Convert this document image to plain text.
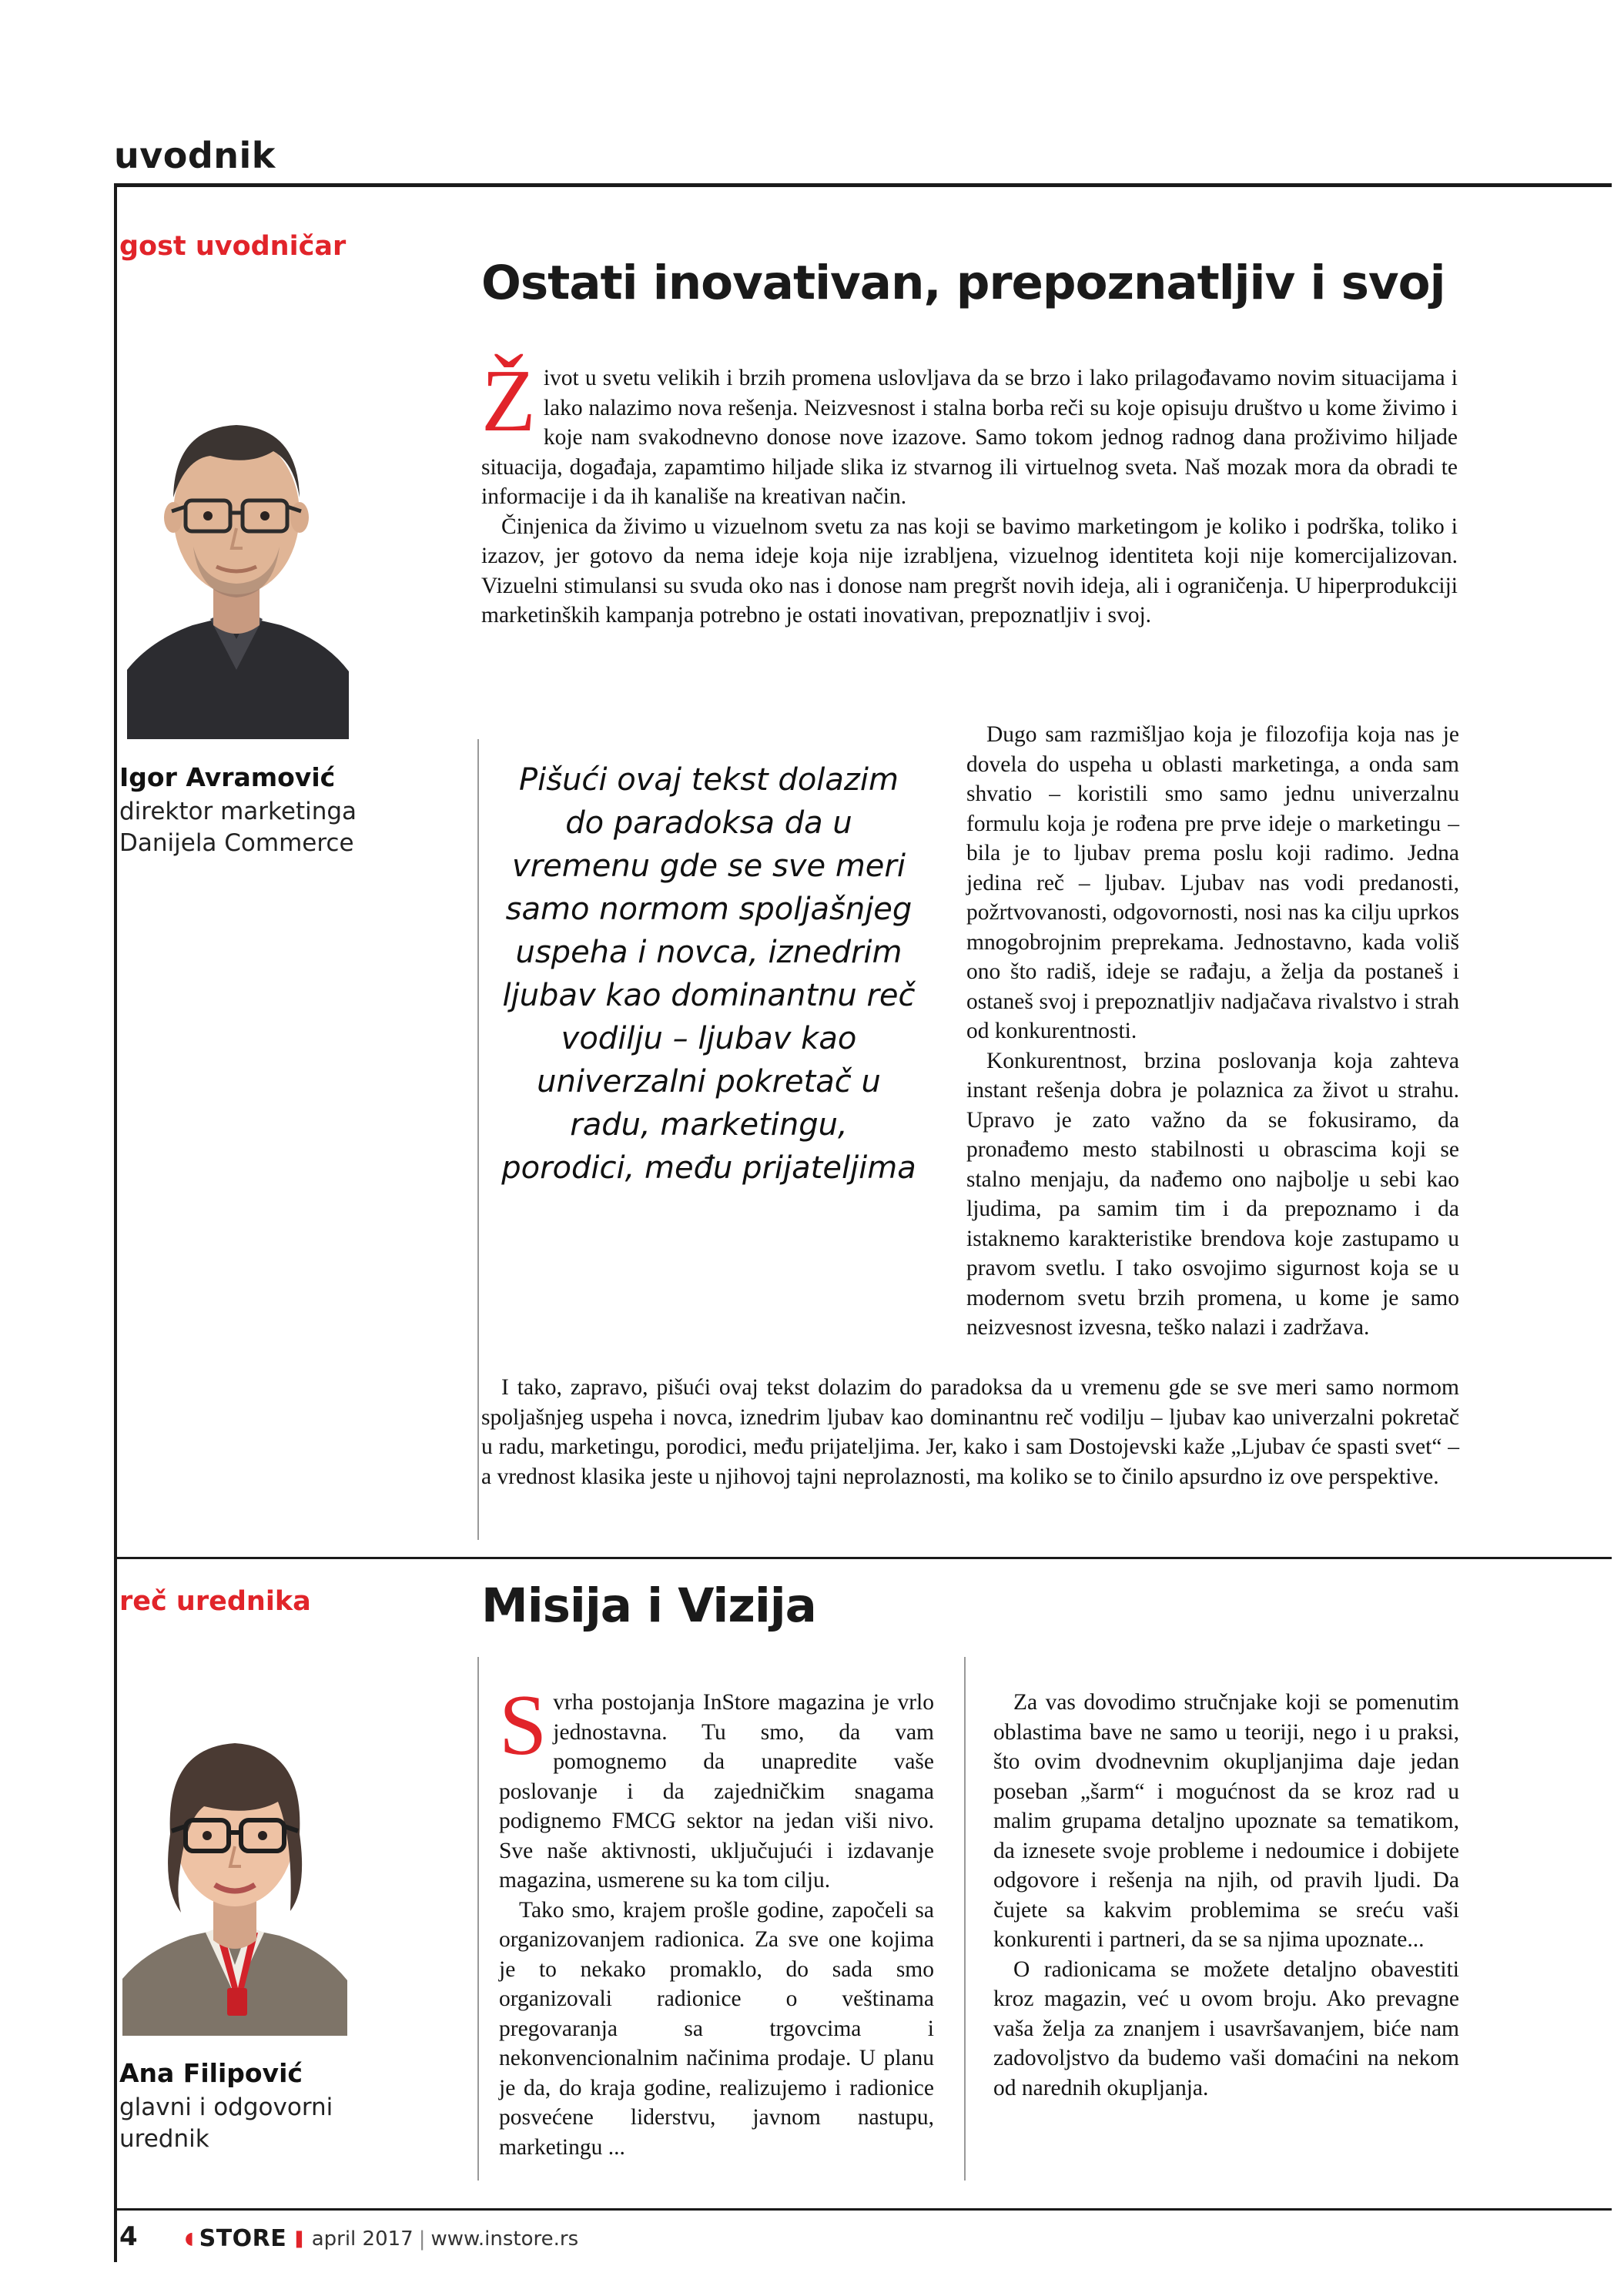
uvodnik
gost uvodničar
Ostati inovativan, prepoznatljiv i svoj
Igor Avramović
direktor marketinga
Danijela Commerce

Život u svetu velikih i brzih promena uslovljava da se brzo i lako prilagođavamo novim situacijama i lako nalazimo nova rešenja. Neizvesnost i stalna borba reči su koje opisuju društvo u kome živimo i koje nam svakodnevno donose nove izazove. Samo tokom jednog radnog dana proživimo hiljade situacija, događaja, zapamtimo hiljade slika iz stvarnog ili virtuelnog sveta. Naš mozak mora da obradi te informacije i da ih kanališe na kreativan način.

Činjenica da živimo u vizuelnom svetu za nas koji se bavimo marketingom je koliko i podrška, toliko i izazov, jer gotovo da nema ideje koja nije izrabljena, vizuelnog identiteta koji nije komercijalizovan. Vizuelni stimulansi su svuda oko nas i donose nam pregršt novih ideja, ali i ograničenja. U hiperprodukciji marketinških kampanja potrebno je ostati inovativan, prepoznatljiv i svoj.

Pišući ovaj tekst dolazim do paradoksa da u vremenu gde se sve meri samo normom spoljašnjeg uspeha i novca, iznedrim ljubav kao dominantnu reč vodilju – ljubav kao univerzalni pokretač u radu, marketingu, porodici, među prijateljima

Dugo sam razmišljao koja je filozofija koja nas je dovela do uspeha u oblasti marketinga, a onda sam shvatio – koristili smo samo jednu univerzalnu formulu koja je rođena pre prve ideje o marketingu – bila je to ljubav prema poslu koji radimo. Jedna jedina reč – ljubav. Ljubav nas vodi predanosti, požrtvovanosti, odgovornosti, nosi nas ka cilju uprkos mnogobrojnim preprekama. Jednostavno, kada voliš ono što radiš, ideje se rađaju, a želja da postaneš i ostaneš svoj i prepoznatljiv nadjačava rivalstvo i strah od konkurentnosti.

Konkurentnost, brzina poslovanja koja zahteva instant rešenja dobra je polaznica za život u strahu. Upravo je zato važno da se fokusiramo, da pronađemo mesto stabilnosti u obrascima koji se stalno menjaju, da nađemo ono najbolje u sebi kao ljudima, pa samim tim i da prepoznamo i da istaknemo karakteristike brendova koje zastupamo u pravom svetlu. I tako osvojimo sigurnost koja se u modernom svetu brzih promena, u kome je samo neizvesnost izvesna, teško nalazi i zadržava.

I tako, zapravo, pišući ovaj tekst dolazim do paradoksa da u vremenu gde se sve meri samo normom spoljašnjeg uspeha i novca, iznedrim ljubav kao dominantnu reč vodilju – ljubav kao univerzalni pokretač u radu, marketingu, porodici, među prijateljima. Jer, kako i sam Dostojevski kaže „Ljubav će spasti svet“ – a vrednost klasika jeste u njihovoj tajni neprolaznosti, ma koliko se to činilo apsurdno iz ove perspektive.

reč urednika	Misija i Vizija
Ana Filipović
glavni i odgovorni
urednik

Svrha postojanja InStore magazina je vrlo jednostavna. Tu smo, da vam pomognemo da unapredite vaše poslovanje i da zajedničkim snagama podignemo FMCG sektor na jedan viši nivo. Sve naše aktivnosti, uključujući i izdavanje magazina, usmerene su ka tom cilju.

Tako smo, krajem prošle godine, započeli sa organizovanjem radionica. Za sve one kojima je to nekako promaklo, do sada smo organizovali radionice o veštinama pregovaranja sa trgovcima i nekonvencionalnim načinima prodaje. U planu je da, do kraja godine, realizujemo i radionice posvećene liderstvu, javnom nastupu, marketingu ...

Za vas dovodimo stručnjake koji se pomenutim oblastima bave ne samo u teoriji, nego i u praksi, što ovim dvodnevnim okupljanjima daje jedan poseban „šarm“ i mogućnost da se kroz rad u malim grupama detaljno upoznate sa tematikom, da iznesete svoje probleme i nedoumice i dobijete odgovore i rešenja na njih, od pravih ljudi. Da čujete sa kakvim problemima se sreću vaši konkurenti i partneri, da se sa njima upoznate...

O radionicama se možete detaljno obavestiti kroz magazin, već u ovom broju. Ako prevagne vaša želja za znanjem i usavršavanjem, biće nam zadovoljstvo da budemo vaši domaćini na nekom od narednih okupljanja.

4	◖ STORE ❚ april 2017 | www.instore.rs
